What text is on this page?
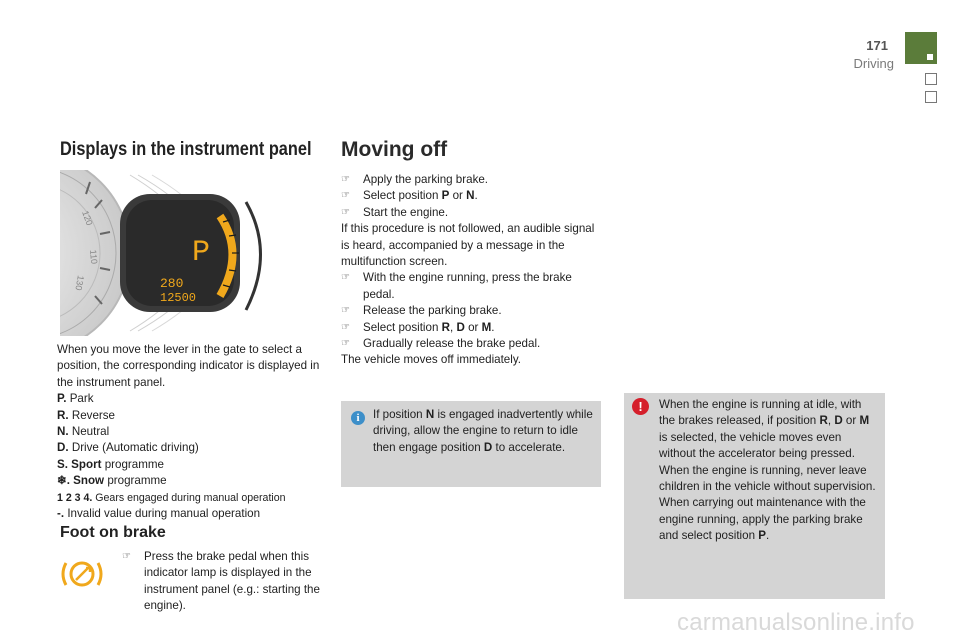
171
Driving
Displays in the instrument panel
120
110
130
P
280
12500
When you move the lever in the gate to select a position, the corresponding indicator is displayed in the instrument panel.
P. Park
R. Reverse
N. Neutral
D. Drive (Automatic driving)
S. Sport programme
❄. Snow programme
1 2 3 4. Gears engaged during manual operation
-. Invalid value during manual operation
Foot on brake
☞ Press the brake pedal when this indicator lamp is displayed in the instrument panel (e.g.: starting the engine).
Moving off
☞ Apply the parking brake.
☞ Select position P or N.
☞ Start the engine.
If this procedure is not followed, an audible signal is heard, accompanied by a message in the multifunction screen.
☞ With the engine running, press the brake pedal.
☞ Release the parking brake.
☞ Select position R, D or M.
☞ Gradually release the brake pedal.
The vehicle moves off immediately.
i	If position N is engaged inadvertently while driving, allow the engine to return to idle then engage position D to accelerate.
!	When the engine is running at idle, with the brakes released, if position R, D or M is selected, the vehicle moves even without the accelerator being pressed.
When the engine is running, never leave children in the vehicle without supervision.
When carrying out maintenance with the engine running, apply the parking brake and select position P.
carmanualsonline.info
